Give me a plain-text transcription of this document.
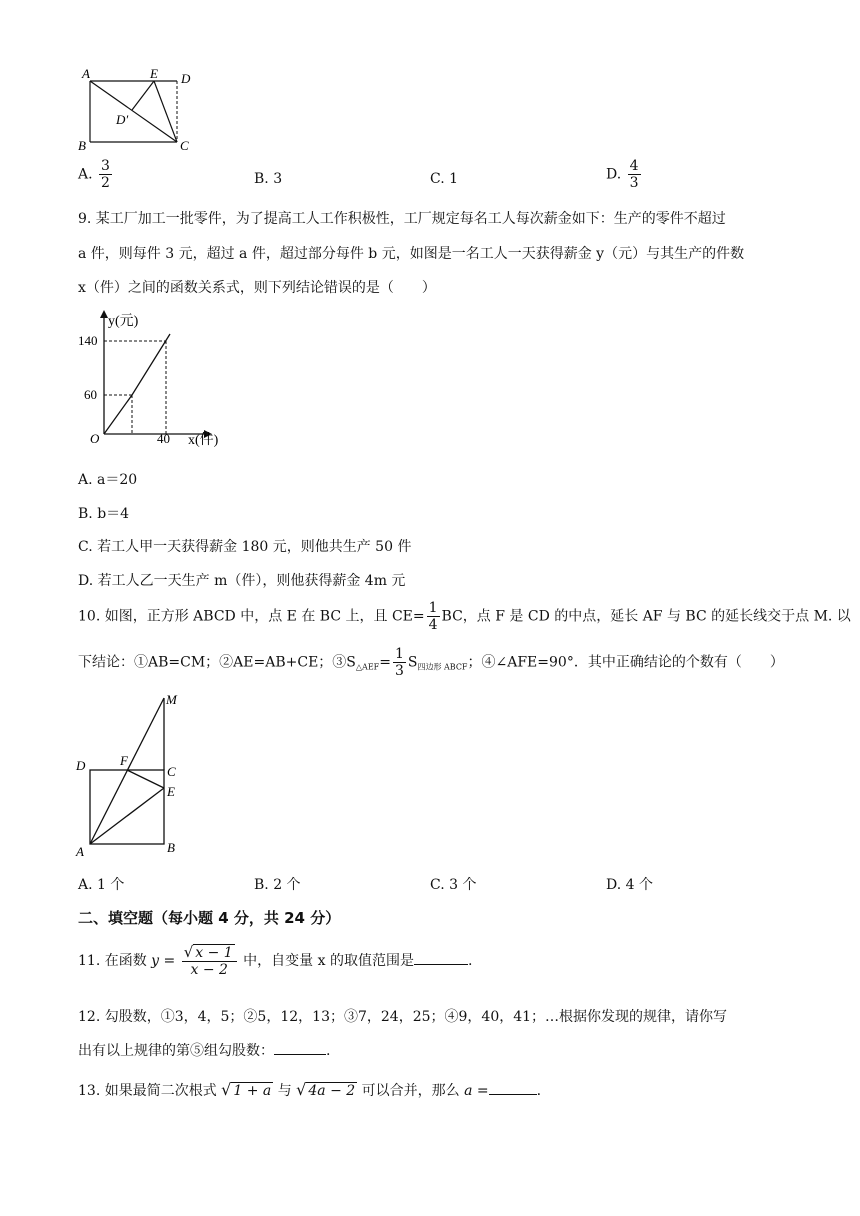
A	E D
D′
B	C
A. $\frac{3}{2}$	B. 3	C. 1	D. $\frac{4}{3}$
9. 某工厂加工一批零件，为了提高工人工作积极性，工厂规定每名工人每次薪金如下：生产的零件不超过
a 件，则每件 3 元，超过 a 件，超过部分每件 b 元，如图是一名工人一天获得薪金 y（元）与其生产的件数
x（件）之间的函数关系式，则下列结论错误的是（　　）
y(元)
140
60
O	40 x(件)
A. a＝20
B. b＝4
C. 若工人甲一天获得薪金 180 元，则他共生产 50 件
D. 若工人乙一天生产 m（件），则他获得薪金 4m 元
10. 如图，正方形 ABCD 中，点 E 在 BC 上，且 $CE= \frac{1}{4}$ BC，点 F 是 CD 的中点，延长 AF 与 BC 的延长线交于点 M. 以
下结论：①AB=CM；②AE=AB+CE；$③S_{\triangle AEF}= \frac{1}{3} S_{四边形 ABCF}$；④∠AFE=90°．其中正确结论的个数有（　　）
M
D	F
C
E
A	B
A. 1 个	B. 2 个	C. 3 个	D. 4 个
二、填空题（每小题 4 分，共 24 分）
11. 在函数 $y = \frac{√ x - 1}{x - 2}$ 中，自变量 x 的取值范围是	.
12. 勾股数，①3，4，5；②5，12，13；③7，24，25；④9，40，41；…根据你发现的规律，请你写
出有以上规律的第⑤组勾股数：	.
13. 如果最简二次根式 √ 1 + a 与 √ 4a − 2 可以合并，那么 a =	.
